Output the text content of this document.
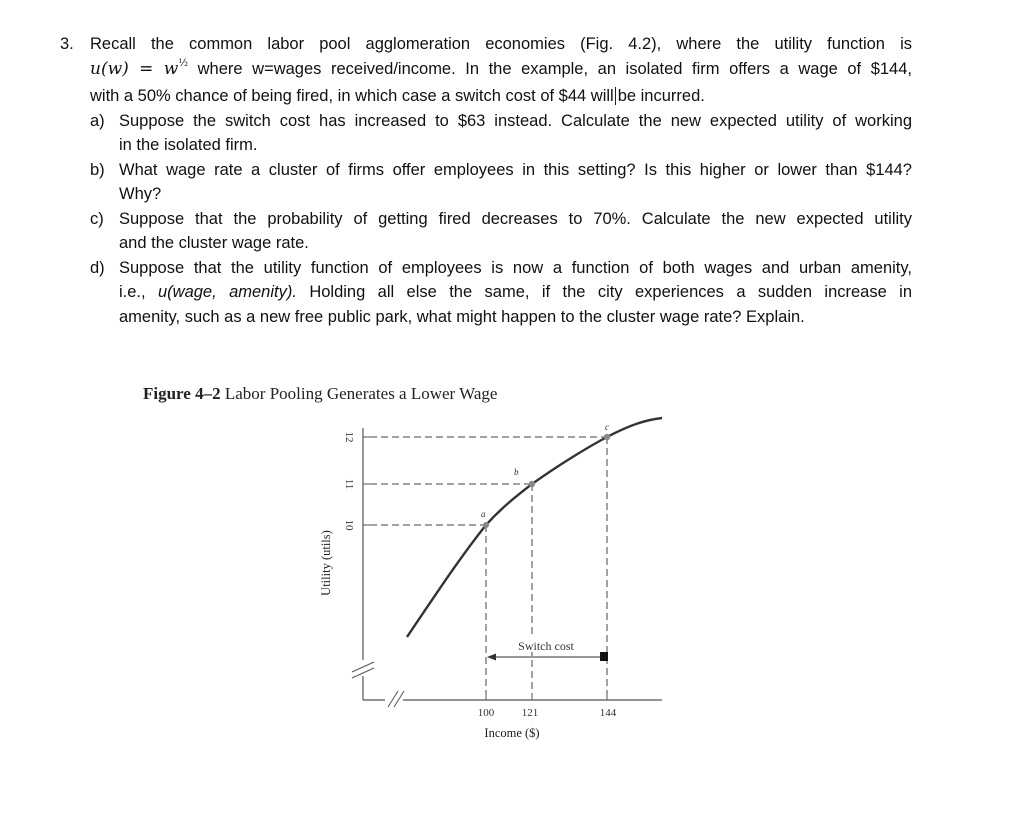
3. Recall the common labor pool agglomeration economies (Fig. 4.2), where the utility function is
$u(w) = w^{\frac{1}{2}}$ where w=wages received/income. In the example, an isolated firm offers a wage of $144,
with a 50% chance of being fired, in which case a switch cost of $44 will be incurred.
a) Suppose the switch cost has increased to $63 instead. Calculate the new expected utility of working
in the isolated firm.
b) What wage rate a cluster of firms offer employees in this setting? Is this higher or lower than $144?
Why?
c) Suppose that the probability of getting fired decreases to 70%. Calculate the new expected utility
and the cluster wage rate.
d) Suppose that the utility function of employees is now a function of both wages and urban amenity,
i.e., u(wage, amenity). Holding all else the same, if the city experiences a sudden increase in
amenity, such as a new free public park, what might happen to the cluster wage rate? Explain.
Figure 4–2 Labor Pooling Generates a Lower Wage
12
11
10
100	121	144
Utility (utils)
Income ($)
a
b
c
Switch cost
